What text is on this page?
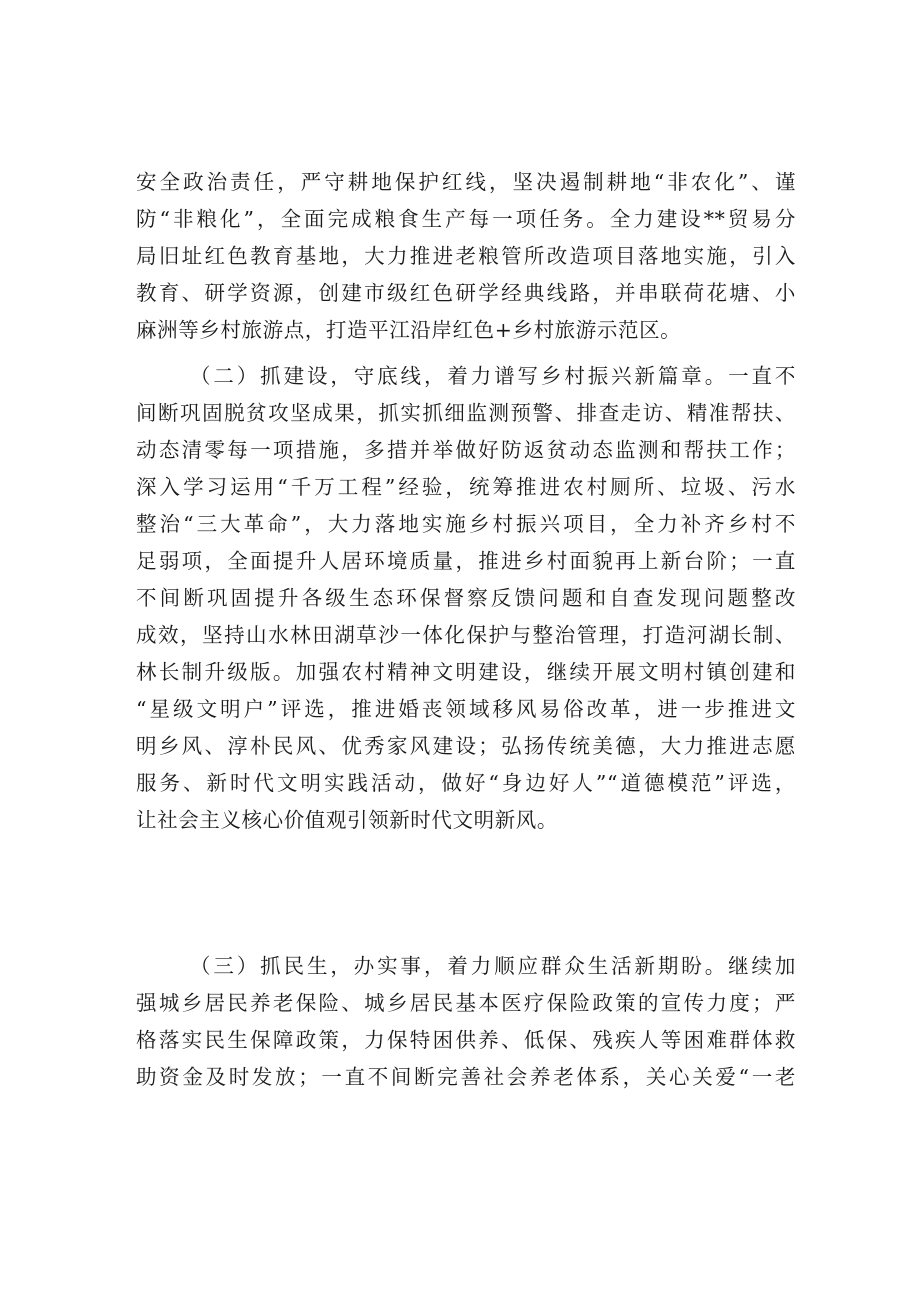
安全政治责任，严守耕地保护红线，坚决遏制耕地“非农化”、谨
防“非粮化”，全面完成粮食生产每一项任务。全力建设**贸易分
局旧址红色教育基地，大力推进老粮管所改造项目落地实施，引入
教育、研学资源，创建市级红色研学经典线路，并串联荷花塘、小
麻洲等乡村旅游点，打造平江沿岸红色+乡村旅游示范区。
（二）抓建设，守底线，着力谱写乡村振兴新篇章。一直不
间断巩固脱贫攻坚成果，抓实抓细监测预警、排查走访、精准帮扶、
动态清零每一项措施，多措并举做好防返贫动态监测和帮扶工作；
深入学习运用“千万工程”经验，统筹推进农村厕所、垃圾、污水
整治“三大革命”，大力落地实施乡村振兴项目，全力补齐乡村不
足弱项，全面提升人居环境质量，推进乡村面貌再上新台阶；一直
不间断巩固提升各级生态环保督察反馈问题和自查发现问题整改
成效，坚持山水林田湖草沙一体化保护与整治管理，打造河湖长制、
林长制升级版。加强农村精神文明建设，继续开展文明村镇创建和
“星级文明户”评选，推进婚丧领域移风易俗改革，进一步推进文
明乡风、淳朴民风、优秀家风建设；弘扬传统美德，大力推进志愿
服务、新时代文明实践活动，做好“身边好人”“道德模范”评选，
让社会主义核心价值观引领新时代文明新风。
（三）抓民生，办实事，着力顺应群众生活新期盼。继续加
强城乡居民养老保险、城乡居民基本医疗保险政策的宣传力度；严
格落实民生保障政策，力保特困供养、低保、残疾人等困难群体救
助资金及时发放；一直不间断完善社会养老体系，关心关爱“一老
